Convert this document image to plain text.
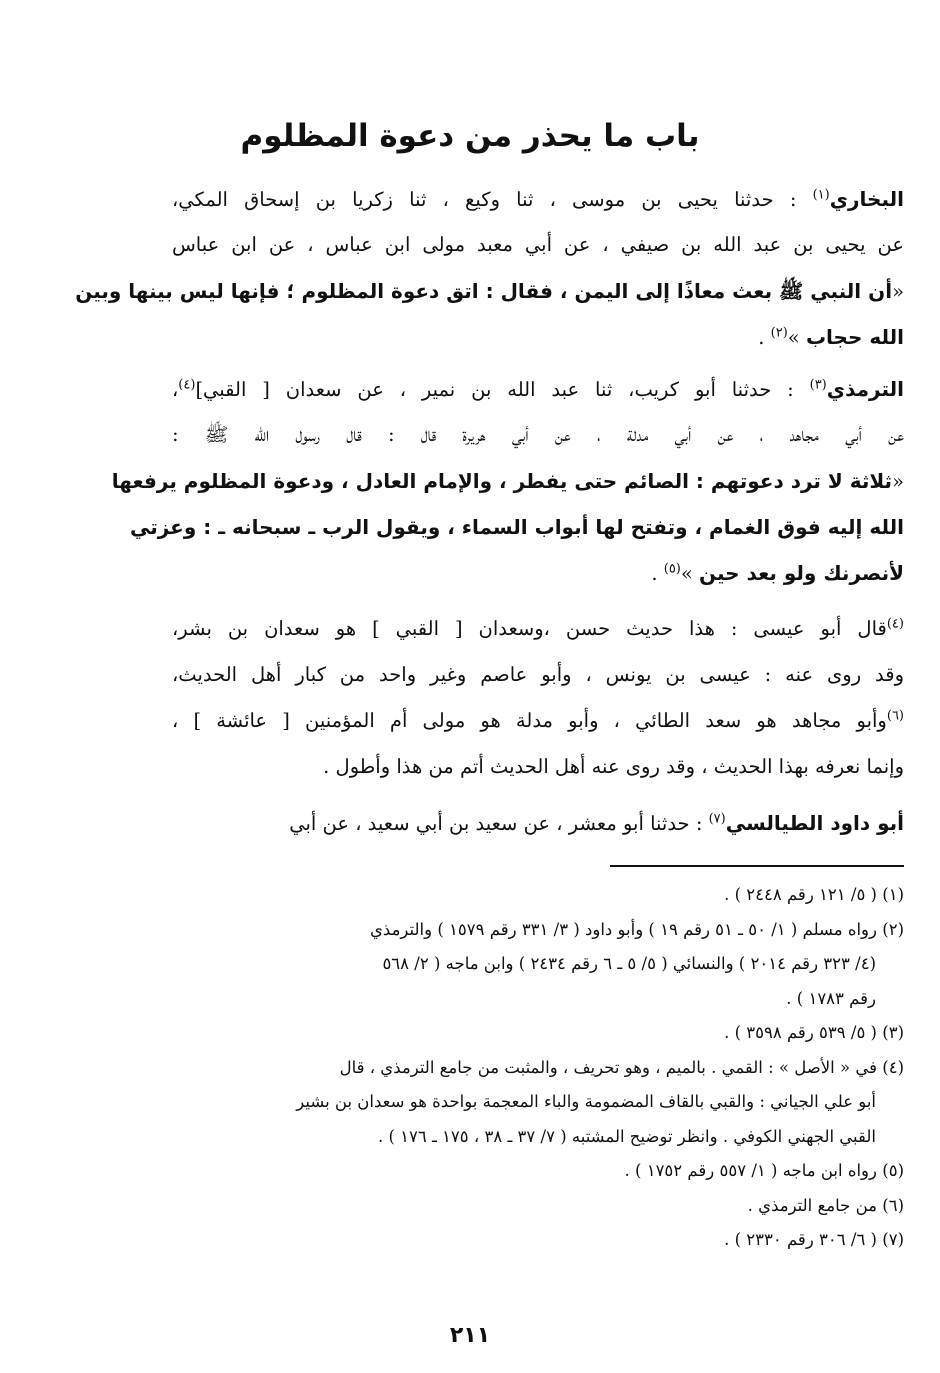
باب ما يحذر من دعوة المظلوم
البخاري$^{(١)}$ : حدثنا يحيى بن موسى ، ثنا وكيع ، ثنا زكريا بن إسحاق المكي،
عن يحيى بن عبد الله بن صيفي ، عن أبي معبد مولى ابن عباس ، عن ابن عباس
«أن النبي ﷺ بعث معاذًا إلى اليمن ، فقال : اتق دعوة المظلوم ؛ فإنها ليس بينها وبين
الله حجاب »$^{(٢)}$ .
الترمذي$^{(٣)}$ : حدثنا أبو كريب، ثنا عبد الله بن نمير ، عن سعدان [ القبي]$^{(٤)}$،
عن أبي مجاهد ، عن أبي مدلة ، عن أبي هريرة قال : قال رسول الله ﷺ :
«ثلاثة لا ترد دعوتهم : الصائم حتى يفطر ، والإمام العادل ، ودعوة المظلوم يرفعها
الله إليه فوق الغمام ، وتفتح لها أبواب السماء ، ويقول الرب ـ سبحانه ـ : وعزتي
لأنصرنك ولو بعد حين »$^{(٥)}$ .
$^{(٤)}$قال أبو عيسى : هذا حديث حسن ،وسعدان [ القبي ] هو سعدان بن بشر،
وقد روى عنه : عيسى بن يونس ، وأبو عاصم وغير واحد من كبار أهل الحديث،
$^{(٦)}$وأبو مجاهد هو سعد الطائي ، وأبو مدلة هو مولى أم المؤمنين [ عائشة ] ،
وإنما نعرفه بهذا الحديث ، وقد روى عنه أهل الحديث أتم من هذا وأطول .
أبو داود الطيالسي$^{(٧)}$ : حدثنا أبو معشر ، عن سعيد بن أبي سعيد ، عن أبي
(١) ( ٥/ ١٢١ رقم ٢٤٤٨ ) .
(٢) رواه مسلم ( ١/ ٥٠ ـ ٥١ رقم ١٩ ) وأبو داود ( ٣/ ٣٣١ رقم ١٥٧٩ ) والترمذي
(٤/ ٣٢٣ رقم ٢٠١٤ ) والنسائي ( ٥/ ٥ ـ ٦ رقم ٢٤٣٤ ) وابن ماجه ( ٢/ ٥٦٨
رقم ١٧٨٣ ) .
(٣) ( ٥/ ٥٣٩ رقم ٣٥٩٨ ) .
(٤) في « الأصل » : القمي . بالميم ، وهو تحريف ، والمثبت من جامع الترمذي ، قال
أبو علي الجياني : والقبي بالقاف المضمومة والباء المعجمة بواحدة هو سعدان بن بشير
القبي الجهني الكوفي . وانظر توضيح المشتبه ( ٧/ ٣٧ ـ ٣٨ ، ١٧٥ ـ ١٧٦ ) .
(٥) رواه ابن ماجه ( ١/ ٥٥٧ رقم ١٧٥٢ ) .
(٦) من جامع الترمذي .
(٧) ( ٦/ ٣٠٦ رقم ٢٣٣٠ ) .
٢١١
